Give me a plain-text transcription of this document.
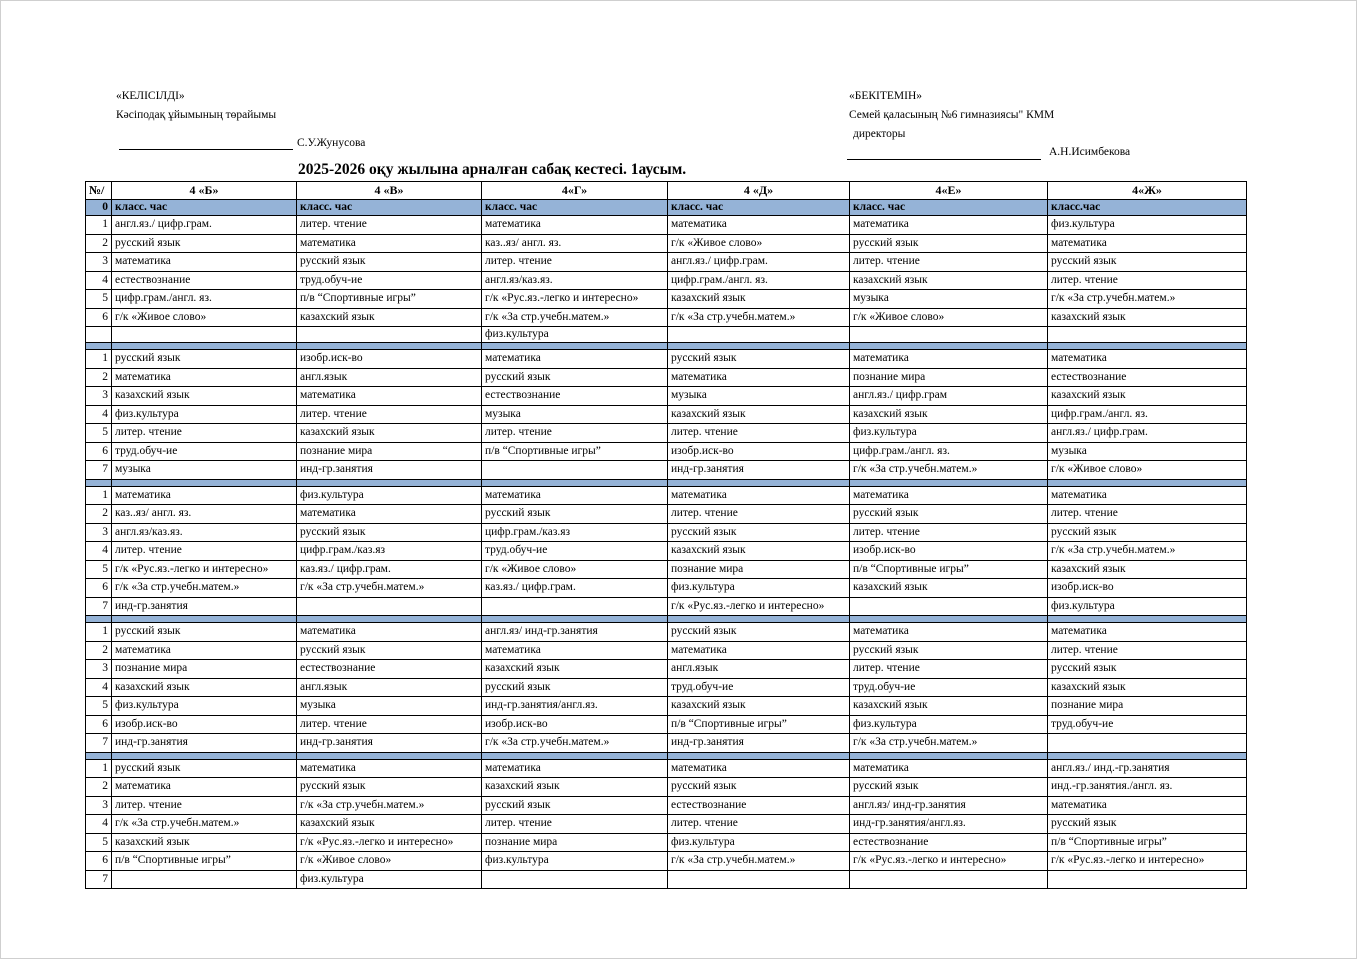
«КЕЛІСІЛДІ»
Кәсіподақ ұйымының төрайымы
С.У.Жунусова
«БЕКІТЕМІН»
Семей қаласының №6 гимназиясы" КММ
директоры
А.Н.Исимбекова
2025-2026 оқу жылына арналған сабақ кестесі. 1аусым.
№/	4 «Б»	4 «В»	4«Г»	4 «Д»	4«Е»	4«Ж»
0	класс. час	класс. час	класс. час	класс. час	класс. час	класс.час
1	англ.яз./ цифр.грам.	литер. чтение	математика	математика	математика	физ.культура
2	русский язык	математика	каз..яз/ англ. яз.	г/к «Живое слово»	русский язык	математика
3	математика	русский язык	литер. чтение	англ.яз./ цифр.грам.	литер. чтение	русский язык
4	естествознание	труд.обуч-ие	англ.яз/каз.яз.	цифр.грам./англ. яз.	казахский язык	литер. чтение
5	цифр.грам./англ. яз.	п/в “Спортивные игры”	г/к «Рус.яз.-легко и интересно»	казахский язык	музыка	г/к «За стр.учебн.матем.»
6	г/к «Живое слово»	казахский язык	г/к «За стр.учебн.матем.»	г/к «За стр.учебн.матем.»	г/к «Живое слово»	казахский язык
			физ.культура			

1	русский язык	изобр.иск-во	математика	русский язык	математика	математика
2	математика	англ.язык	русский язык	математика	познание мира	естествознание
3	казахский язык	математика	естествознание	музыка	англ.яз./ цифр.грам	казахский язык
4	физ.культура	литер. чтение	музыка	казахский язык	казахский язык	цифр.грам./англ. яз.
5	литер. чтение	казахский язык	литер. чтение	литер. чтение	физ.культура	англ.яз./ цифр.грам.
6	труд.обуч-ие	познание мира	п/в “Спортивные игры”	изобр.иск-во	цифр.грам./англ. яз.	музыка
7	музыка	инд-гр.занятия		инд-гр.занятия	г/к «За стр.учебн.матем.»	г/к «Живое слово»

1	математика	физ.культура	математика	математика	математика	математика
2	каз..яз/ англ. яз.	математика	русский язык	литер. чтение	русский язык	литер. чтение
3	англ.яз/каз.яз.	русский язык	цифр.грам./каз.яз	русский язык	литер. чтение	русский язык
4	литер. чтение	цифр.грам./каз.яз	труд.обуч-ие	казахский язык	изобр.иск-во	г/к «За стр.учебн.матем.»
5	г/к «Рус.яз.-легко и интересно»	каз.яз./ цифр.грам.	г/к «Живое слово»	познание мира	п/в “Спортивные игры”	казахский язык
6	г/к «За стр.учебн.матем.»	г/к «За стр.учебн.матем.»	каз.яз./ цифр.грам.	физ.культура	казахский язык	изобр.иск-во
7	инд-гр.занятия			г/к «Рус.яз.-легко и интересно»		физ.культура

1	русский язык	математика	англ.яз/ инд-гр.занятия	русский язык	математика	математика
2	математика	русский язык	математика	математика	русский язык	литер. чтение
3	познание мира	естествознание	казахский язык	англ.язык	литер. чтение	русский язык
4	казахский язык	англ.язык	русский язык	труд.обуч-ие	труд.обуч-ие	казахский язык
5	физ.культура	музыка	инд-гр.занятия/англ.яз.	казахский язык	казахский язык	познание мира
6	изобр.иск-во	литер. чтение	изобр.иск-во	п/в “Спортивные игры”	физ.культура	труд.обуч-ие
7	инд-гр.занятия	инд-гр.занятия	г/к «За стр.учебн.матем.»	инд-гр.занятия	г/к «За стр.учебн.матем.»	

1	русский язык	математика	математика	математика	математика	англ.яз./ инд.-гр.занятия
2	математика	русский язык	казахский язык	русский язык	русский язык	инд.-гр.занятия./англ. яз.
3	литер. чтение	г/к «За стр.учебн.матем.»	русский язык	естествознание	англ.яз/ инд-гр.занятия	математика
4	г/к «За стр.учебн.матем.»	казахский язык	литер. чтение	литер. чтение	инд-гр.занятия/англ.яз.	русский язык
5	казахский язык	г/к «Рус.яз.-легко и интересно»	познание мира	физ.культура	естествознание	п/в “Спортивные игры”
6	п/в “Спортивные игры”	г/к «Живое слово»	физ.культура	г/к «За стр.учебн.матем.»	г/к «Рус.яз.-легко и интересно»	г/к «Рус.яз.-легко и интересно»
7		физ.культура				
